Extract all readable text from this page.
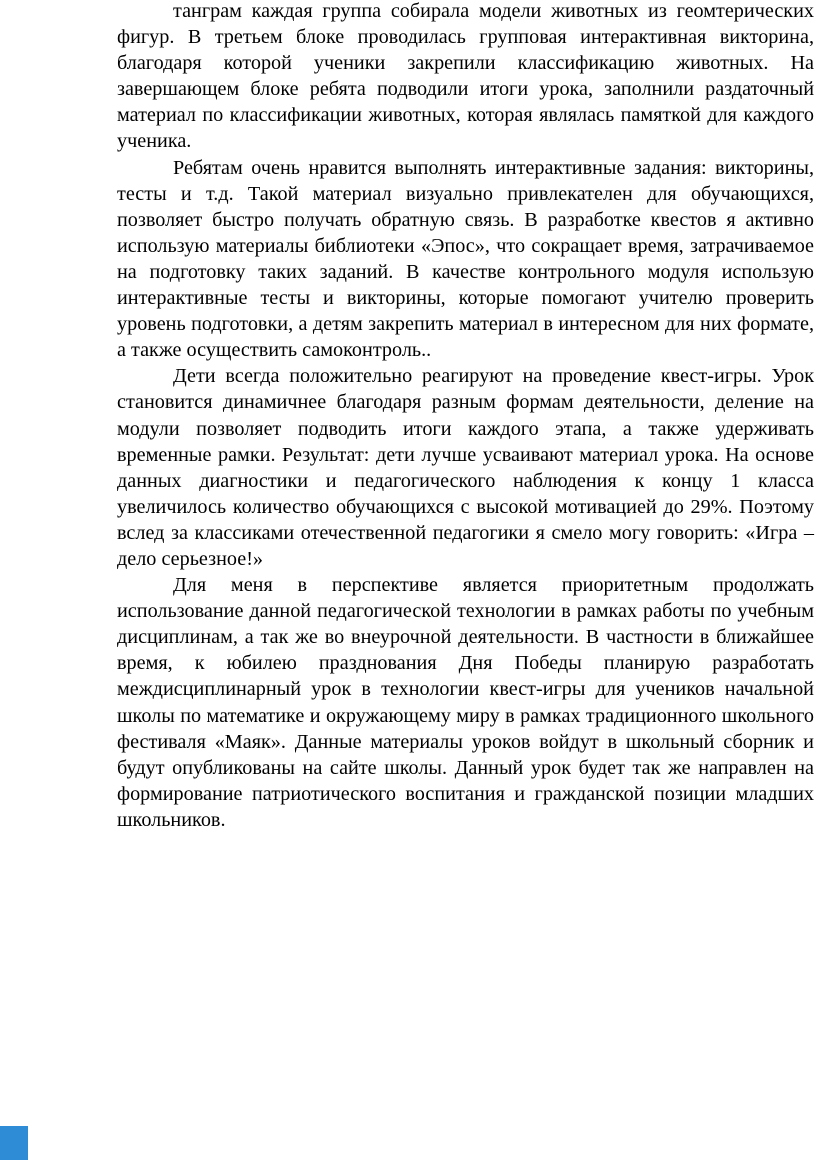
танграм каждая группа собирала модели животных из геомтерических фигур. В третьем блоке проводилась групповая интерактивная викторина, благодаря которой ученики закрепили классификацию животных. На завершающем блоке ребята подводили итоги урока, заполнили раздаточный материал по классификации животных, которая являлась памяткой для каждого ученика.

Ребятам очень нравится выполнять интерактивные задания: викторины, тесты и т.д. Такой материал визуально привлекателен для обучающихся, позволяет быстро получать обратную связь. В разработке квестов я активно использую материалы библиотеки «Эпос», что сокращает время, затрачиваемое на подготовку таких заданий. В качестве контрольного модуля использую интерактивные тесты и викторины, которые помогают учителю проверить уровень подготовки, а детям закрепить материал в интересном для них формате, а также осуществить самоконтроль..

Дети всегда положительно реагируют на проведение квест-игры. Урок становится динамичнее благодаря разным формам деятельности, деление на модули позволяет подводить итоги каждого этапа, а также удерживать временные рамки. Результат: дети лучше усваивают материал урока. На основе данных диагностики и педагогического наблюдения к концу 1 класса увеличилось количество обучающихся с высокой мотивацией до 29%. Поэтому вслед за классиками отечественной педагогики я смело могу говорить: «Игра – дело серьезное!»

Для меня в перспективе является приоритетным продолжать использование данной педагогической технологии в рамках работы по учебным дисциплинам, а так же во внеурочной деятельности. В частности в ближайшее время, к юбилею празднования Дня Победы планирую разработать междисциплинарный урок в технологии квест-игры для учеников начальной школы по математике и окружающему миру в рамках традиционного школьного фестиваля «Маяк». Данные материалы уроков войдут в школьный сборник и будут опубликованы на сайте школы. Данный урок будет так же направлен на формирование патриотического воспитания и гражданской позиции младших школьников.
